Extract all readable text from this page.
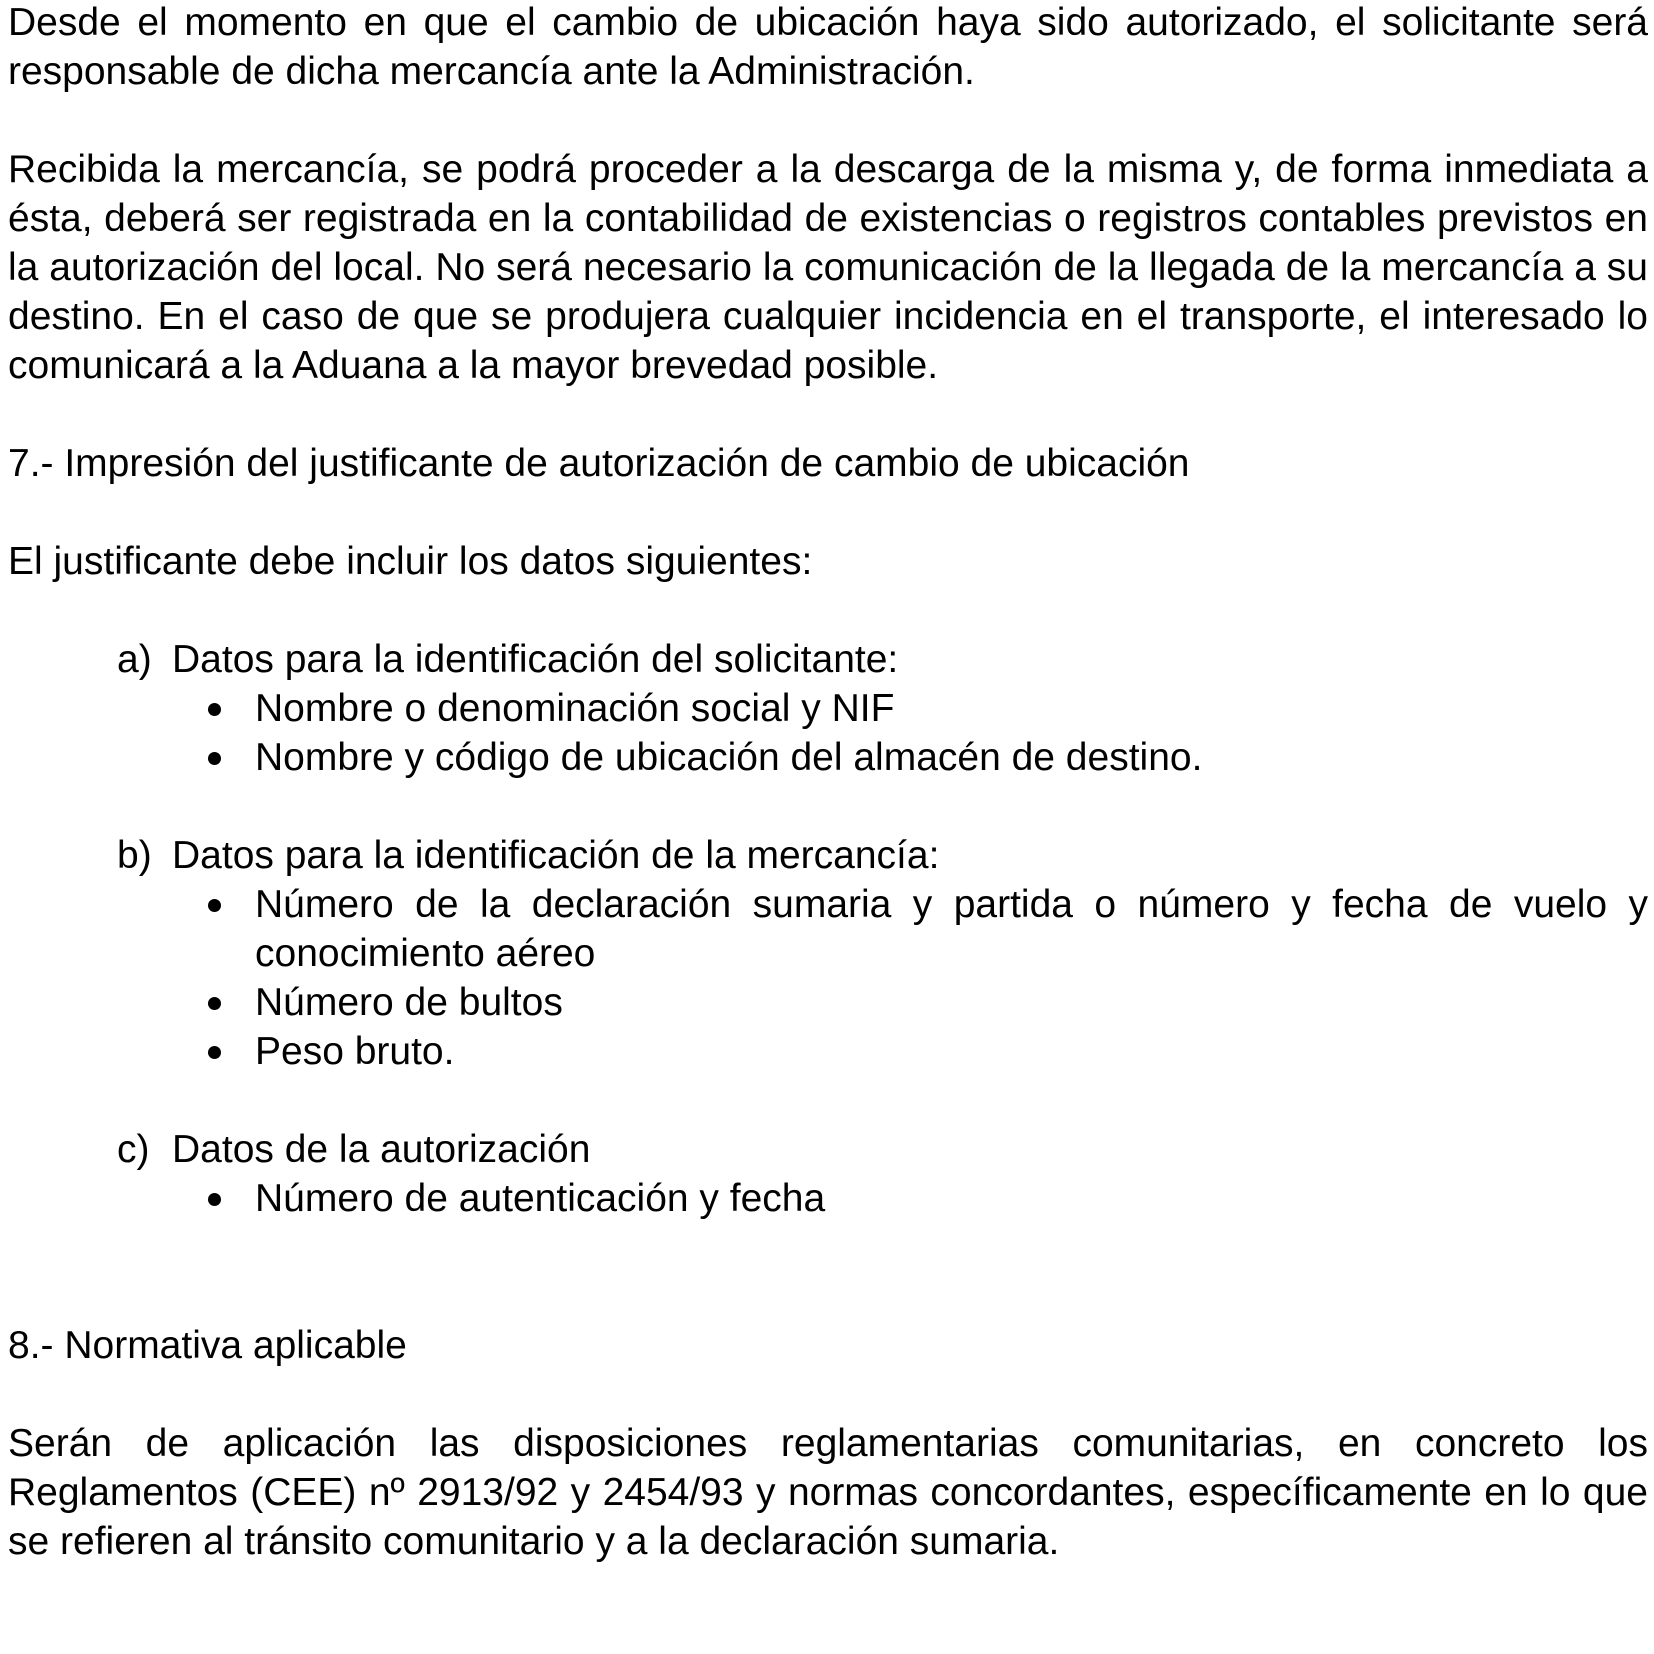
Desde el momento en que el cambio de ubicación haya sido autorizado, el solicitante será responsable de dicha mercancía ante la Administración.

Recibida la mercancía, se podrá proceder a la descarga de la misma y, de forma inmediata a ésta, deberá ser registrada en la contabilidad de existencias o registros contables previstos en la autorización del local. No será necesario la comunicación de la llegada de la mercancía a su destino. En el caso de que se produjera cualquier incidencia en el transporte, el interesado lo comunicará a la Aduana a la mayor brevedad posible.

7.- Impresión del justificante de autorización de cambio de ubicación

El justificante debe incluir los datos siguientes:

a) Datos para la identificación del solicitante:

Nombre o denominación social y NIF
Nombre y código de ubicación del almacén de destino.

b) Datos para la identificación de la mercancía:

Número de la declaración sumaria y partida o número y fecha de vuelo y conocimiento aéreo
Número de bultos
Peso bruto.

c) Datos de la autorización

Número de autenticación y fecha

8.- Normativa aplicable

Serán de aplicación las disposiciones reglamentarias comunitarias, en concreto los Reglamentos (CEE) nº 2913/92 y 2454/93 y normas concordantes, específicamente en lo que se refieren al tránsito comunitario y a la declaración sumaria.
